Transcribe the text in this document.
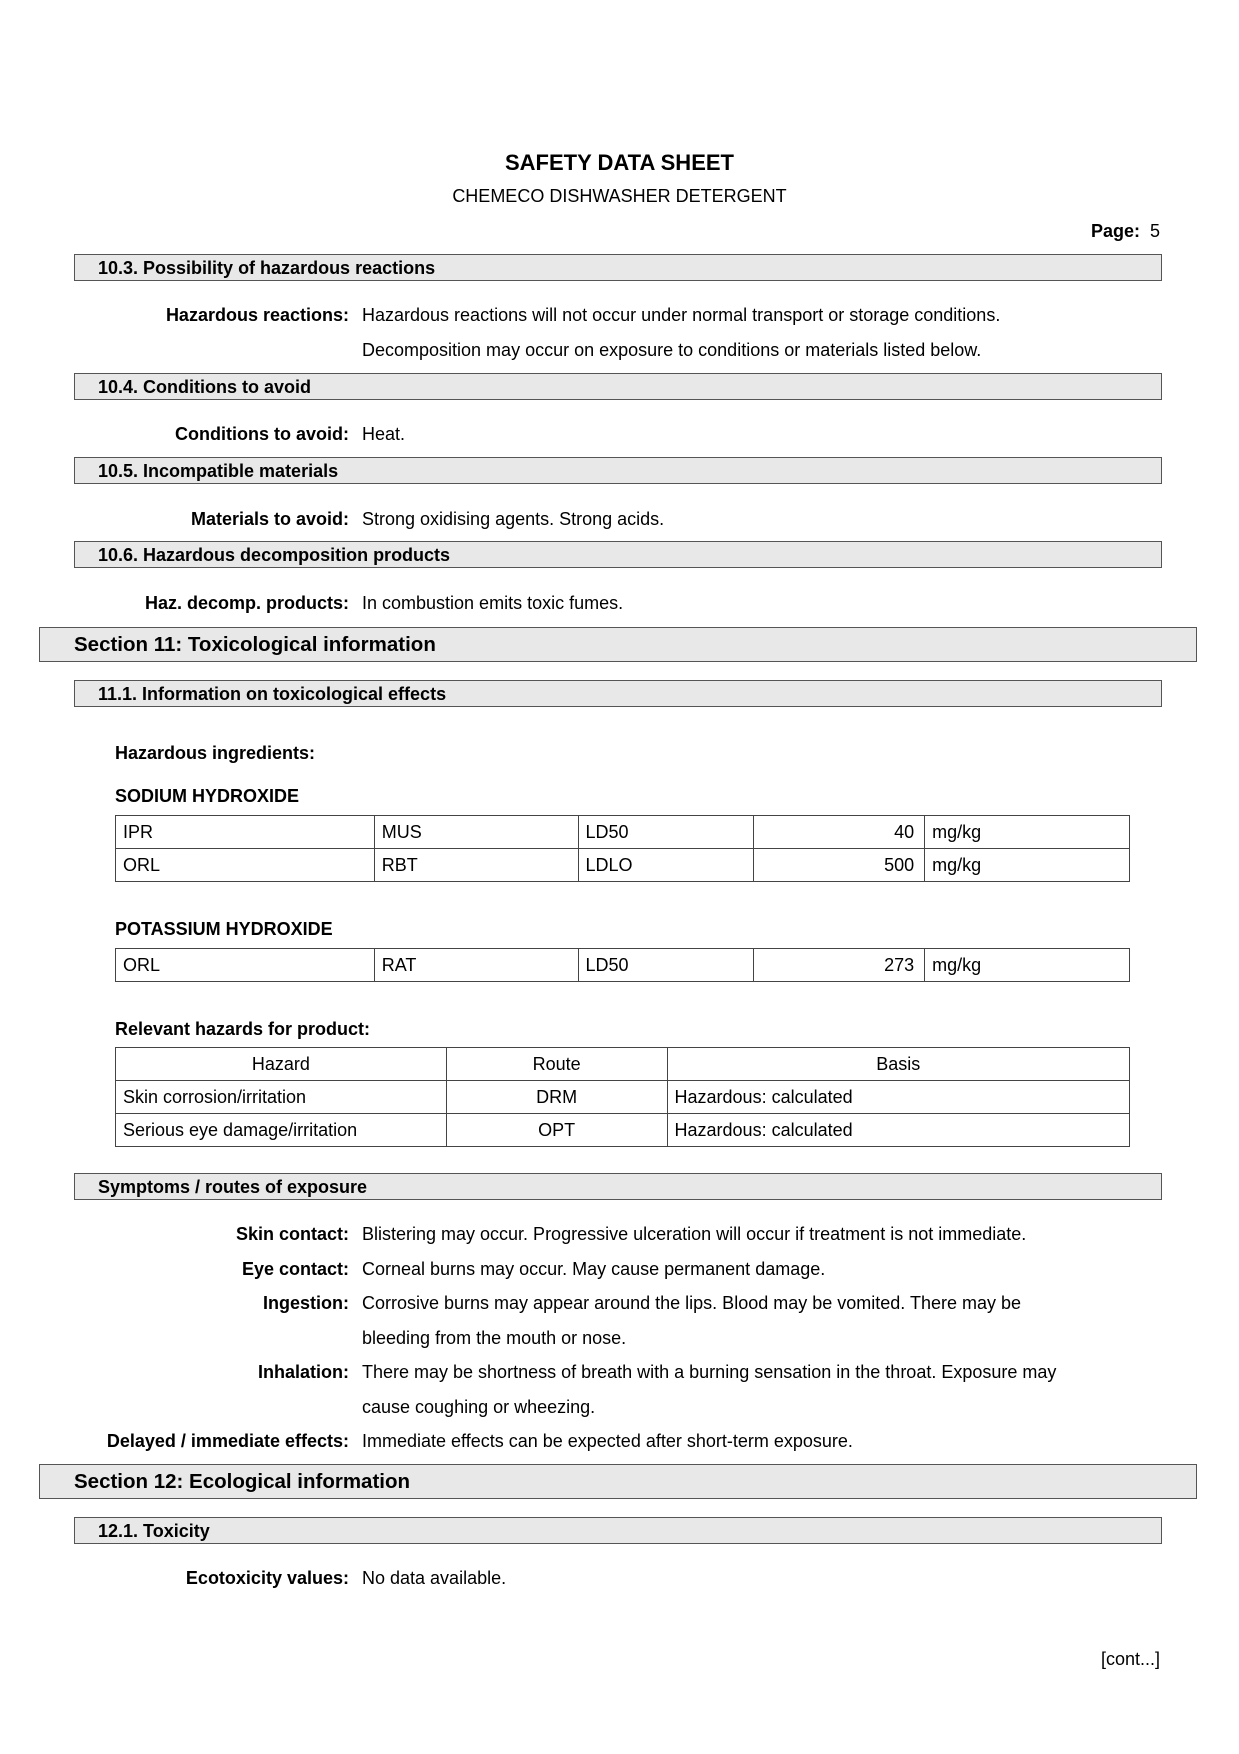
SAFETY DATA SHEET
CHEMECO DISHWASHER DETERGENT
Page: 5
10.3. Possibility of hazardous reactions
Hazardous reactions: Hazardous reactions will not occur under normal transport or storage conditions.
Decomposition may occur on exposure to conditions or materials listed below.
10.4. Conditions to avoid
Conditions to avoid: Heat.
10.5. Incompatible materials
Materials to avoid: Strong oxidising agents. Strong acids.
10.6. Hazardous decomposition products
Haz. decomp. products: In combustion emits toxic fumes.
Section 11: Toxicological information
11.1. Information on toxicological effects
Hazardous ingredients:
SODIUM HYDROXIDE
IPR	MUS	LD50	40	mg/kg
ORL	RBT	LDLO	500	mg/kg
POTASSIUM HYDROXIDE
ORL	RAT	LD50	273	mg/kg
Relevant hazards for product:
Hazard	Route	Basis
Skin corrosion/irritation	DRM	Hazardous: calculated
Serious eye damage/irritation	OPT	Hazardous: calculated
Symptoms / routes of exposure
Skin contact: Blistering may occur. Progressive ulceration will occur if treatment is not immediate.
Eye contact: Corneal burns may occur. May cause permanent damage.
Ingestion: Corrosive burns may appear around the lips. Blood may be vomited. There may be
bleeding from the mouth or nose.
Inhalation: There may be shortness of breath with a burning sensation in the throat. Exposure may
cause coughing or wheezing.
Delayed / immediate effects: Immediate effects can be expected after short-term exposure.
Section 12: Ecological information
12.1. Toxicity
Ecotoxicity values: No data available.
[cont...]
